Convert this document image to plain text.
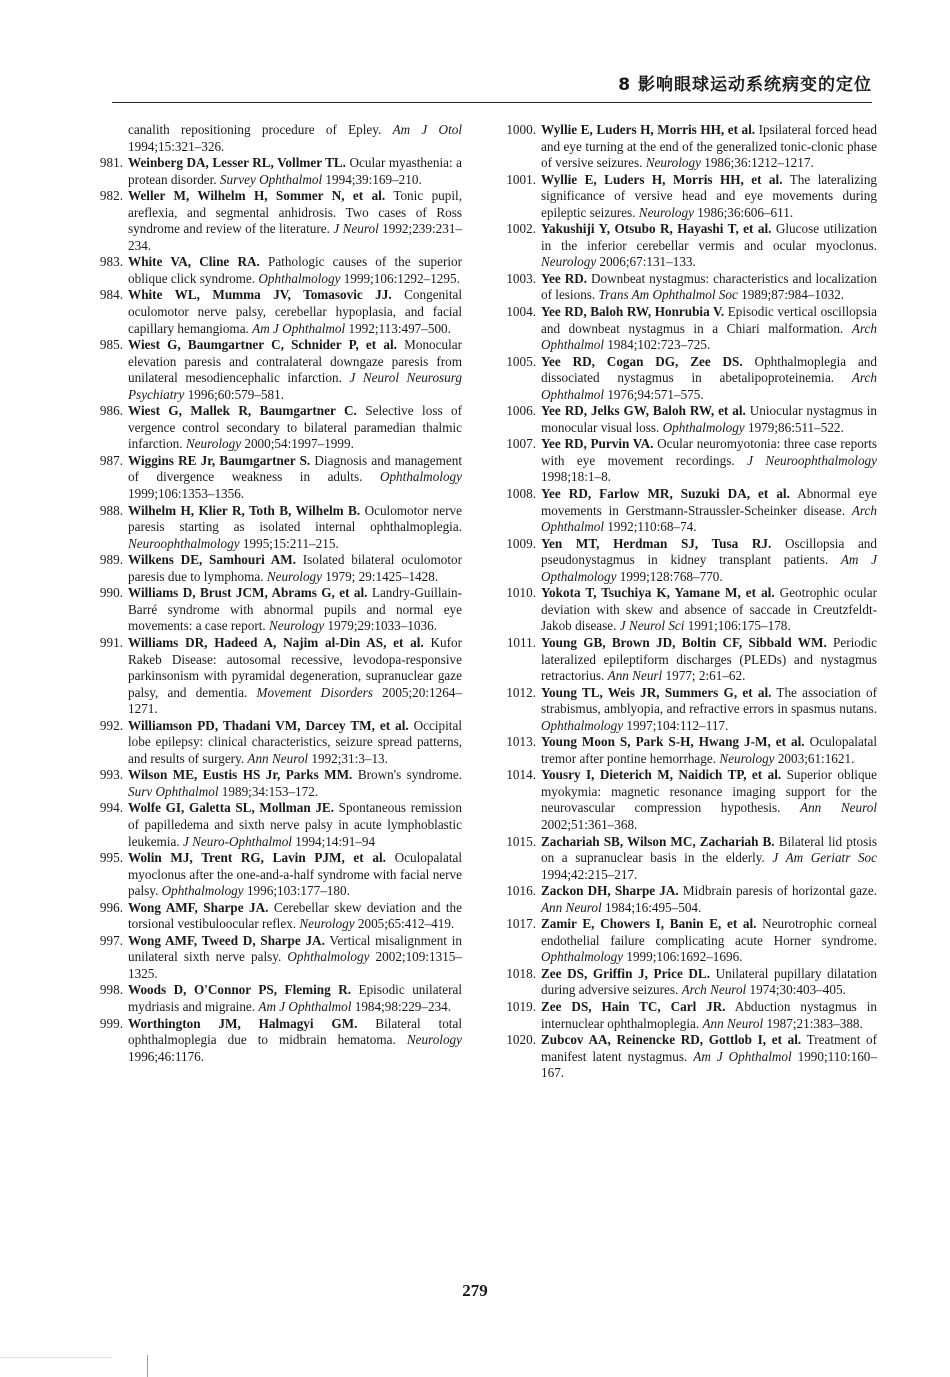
8 影响眼球运动系统病变的定位
canalith repositioning procedure of Epley. Am J Otol 1994;15:321–326.
981. Weinberg DA, Lesser RL, Vollmer TL. Ocular myasthenia: a protean disorder. Survey Ophthalmol 1994;39:169–210.
982. Weller M, Wilhelm H, Sommer N, et al. Tonic pupil, areflexia, and segmental anhidrosis. Two cases of Ross syndrome and review of the literature. J Neurol 1992;239:231–234.
983. White VA, Cline RA. Pathologic causes of the superior oblique click syndrome. Ophthalmology 1999;106:1292–1295.
984. White WL, Mumma JV, Tomasovic JJ. Congenital oculomotor nerve palsy, cerebellar hypoplasia, and facial capillary hemangioma. Am J Ophthalmol 1992;113:497–500.
985. Wiest G, Baumgartner C, Schnider P, et al. Monocular elevation paresis and contralateral downgaze paresis from unilateral mesodiencephalic infarction. J Neurol Neurosurg Psychiatry 1996;60:579–581.
986. Wiest G, Mallek R, Baumgartner C. Selective loss of vergence control secondary to bilateral paramedian thalmic infarction. Neurology 2000;54:1997–1999.
987. Wiggins RE Jr, Baumgartner S. Diagnosis and management of divergence weakness in adults. Ophthalmology 1999;106:1353–1356.
988. Wilhelm H, Klier R, Toth B, Wilhelm B. Oculomotor nerve paresis starting as isolated internal ophthalmoplegia. Neuroophthalmology 1995;15:211–215.
989. Wilkens DE, Samhouri AM. Isolated bilateral oculomotor paresis due to lymphoma. Neurology 1979; 29:1425–1428.
990. Williams D, Brust JCM, Abrams G, et al. Landry-Guillain-Barré syndrome with abnormal pupils and normal eye movements: a case report. Neurology 1979;29:1033–1036.
991. Williams DR, Hadeed A, Najim al-Din AS, et al. Kufor Rakeb Disease: autosomal recessive, levodopa-responsive parkinsonism with pyramidal degeneration, supranuclear gaze palsy, and dementia. Movement Disorders 2005;20:1264–1271.
992. Williamson PD, Thadani VM, Darcey TM, et al. Occipital lobe epilepsy: clinical characteristics, seizure spread patterns, and results of surgery. Ann Neurol 1992;31:3–13.
993. Wilson ME, Eustis HS Jr, Parks MM. Brown's syndrome. Surv Ophthalmol 1989;34:153–172.
994. Wolfe GI, Galetta SL, Mollman JE. Spontaneous remission of papilledema and sixth nerve palsy in acute lymphoblastic leukemia. J Neuro-Ophthalmol 1994;14:91–94
995. Wolin MJ, Trent RG, Lavin PJM, et al. Oculopalatal myoclonus after the one-and-a-half syndrome with facial nerve palsy. Ophthalmology 1996;103:177–180.
996. Wong AMF, Sharpe JA. Cerebellar skew deviation and the torsional vestibuloocular reflex. Neurology 2005;65:412–419.
997. Wong AMF, Tweed D, Sharpe JA. Vertical misalignment in unilateral sixth nerve palsy. Ophthalmology 2002;109:1315–1325.
998. Woods D, O'Connor PS, Fleming R. Episodic unilateral mydriasis and migraine. Am J Ophthalmol 1984;98:229–234.
999. Worthington JM, Halmagyi GM. Bilateral total ophthalmoplegia due to midbrain hematoma. Neurology 1996;46:1176.
1000. Wyllie E, Luders H, Morris HH, et al. Ipsilateral forced head and eye turning at the end of the generalized tonic-clonic phase of versive seizures. Neurology 1986;36:1212–1217.
1001. Wyllie E, Luders H, Morris HH, et al. The lateralizing significance of versive head and eye movements during epileptic seizures. Neurology 1986;36:606–611.
1002. Yakushiji Y, Otsubo R, Hayashi T, et al. Glucose utilization in the inferior cerebellar vermis and ocular myoclonus. Neurology 2006;67:131–133.
1003. Yee RD. Downbeat nystagmus: characteristics and localization of lesions. Trans Am Ophthalmol Soc 1989;87:984–1032.
1004. Yee RD, Baloh RW, Honrubia V. Episodic vertical oscillopsia and downbeat nystagmus in a Chiari malformation. Arch Ophthalmol 1984;102:723–725.
1005. Yee RD, Cogan DG, Zee DS. Ophthalmoplegia and dissociated nystagmus in abetalipoproteinemia. Arch Ophthalmol 1976;94:571–575.
1006. Yee RD, Jelks GW, Baloh RW, et al. Uniocular nystagmus in monocular visual loss. Ophthalmology 1979;86:511–522.
1007. Yee RD, Purvin VA. Ocular neuromyotonia: three case reports with eye movement recordings. J Neuroophthalmology 1998;18:1–8.
1008. Yee RD, Farlow MR, Suzuki DA, et al. Abnormal eye movements in Gerstmann-Straussler-Scheinker disease. Arch Ophthalmol 1992;110:68–74.
1009. Yen MT, Herdman SJ, Tusa RJ. Oscillopsia and pseudonystagmus in kidney transplant patients. Am J Opthalmology 1999;128:768–770.
1010. Yokota T, Tsuchiya K, Yamane M, et al. Geotrophic ocular deviation with skew and absence of saccade in Creutzfeldt-Jakob disease. J Neurol Sci 1991;106:175–178.
1011. Young GB, Brown JD, Boltin CF, Sibbald WM. Periodic lateralized epileptiform discharges (PLEDs) and nystagmus retractorius. Ann Neurl 1977; 2:61–62.
1012. Young TL, Weis JR, Summers G, et al. The association of strabismus, amblyopia, and refractive errors in spasmus nutans. Ophthalmology 1997;104:112–117.
1013. Young Moon S, Park S-H, Hwang J-M, et al. Oculopalatal tremor after pontine hemorrhage. Neurology 2003;61:1621.
1014. Yousry I, Dieterich M, Naidich TP, et al. Superior oblique myokymia: magnetic resonance imaging support for the neurovascular compression hypothesis. Ann Neurol 2002;51:361–368.
1015. Zachariah SB, Wilson MC, Zachariah B. Bilateral lid ptosis on a supranuclear basis in the elderly. J Am Geriatr Soc 1994;42:215–217.
1016. Zackon DH, Sharpe JA. Midbrain paresis of horizontal gaze. Ann Neurol 1984;16:495–504.
1017. Zamir E, Chowers I, Banin E, et al. Neurotrophic corneal endothelial failure complicating acute Horner syndrome. Ophthalmology 1999;106:1692–1696.
1018. Zee DS, Griffin J, Price DL. Unilateral pupillary dilatation during adversive seizures. Arch Neurol 1974;30:403–405.
1019. Zee DS, Hain TC, Carl JR. Abduction nystagmus in internuclear ophthalmoplegia. Ann Neurol 1987;21:383–388.
1020. Zubcov AA, Reinencke RD, Gottlob I, et al. Treatment of manifest latent nystagmus. Am J Ophthalmol 1990;110:160–167.
279
